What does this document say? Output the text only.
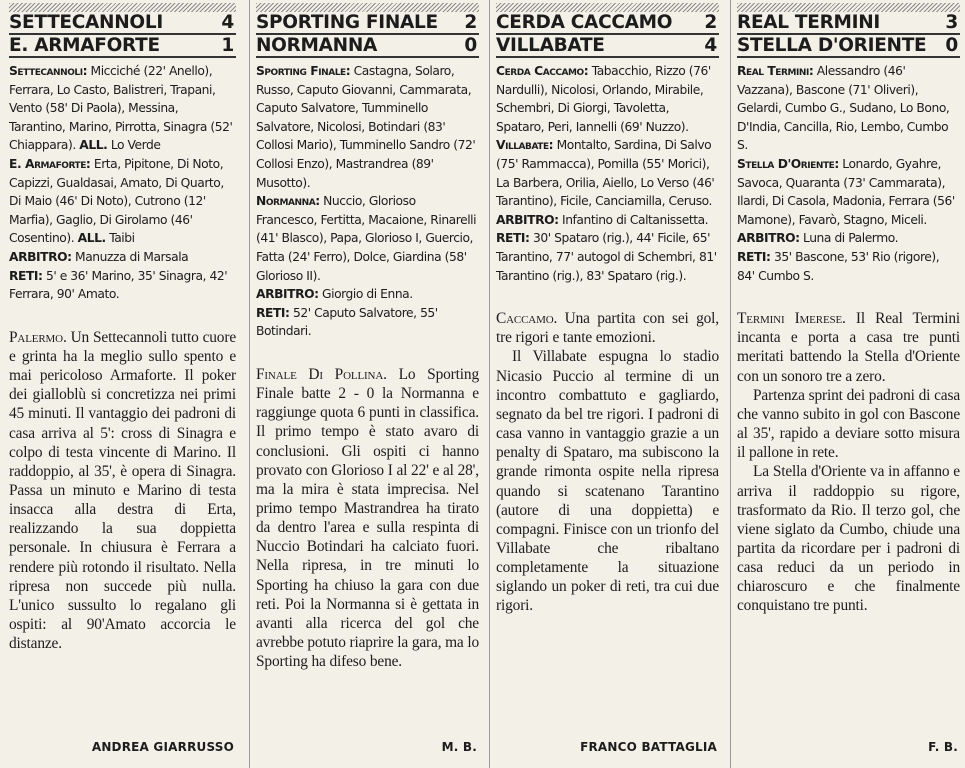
SETTECANNOLI	4
E. ARMAFORTE	1

Settecannoli: Micciché (22' Anello), Ferrara, Lo Casto, Balistreri, Trapani, Vento (58' Di Paola), Messina, Tarantino, Marino, Pirrotta, Sinagra (52' Chiappara). ALL. Lo Verde

E. Armaforte: Erta, Pipitone, Di Noto, Capizzi, Gualdasai, Amato, Di Quarto, Di Maio (46' Di Noto), Cutrono (12' Marfia), Gaglio, Di Girolamo (46' Cosentino). ALL. Taibi

ARBITRO: Manuzza di Marsala

RETI: 5' e 36' Marino, 35' Sinagra, 42' Ferrara, 90' Amato.

Palermo. Un Settecannoli tutto cuore e grinta ha la meglio sullo spento e mai pericoloso Armaforte. Il poker dei gialloblù si concretizza nei primi 45 minuti. Il vantaggio dei padroni di casa arriva al 5': cross di Sinagra e colpo di testa vincente di Marino. Il raddoppio, al 35', è opera di Sinagra. Passa un minuto e Marino di testa insacca alla destra di Erta, realizzando la sua doppietta personale. In chiusura è Ferrara a rendere più rotondo il risultato. Nella ripresa non succede più nulla. L'unico sussulto lo regalano gli ospiti: al 90'Amato accorcia le distanze.

ANDREA GIARRUSSO
SPORTING FINALE 2
NORMANNA	0

Sporting Finale: Castagna, Solaro, Russo, Caputo Giovanni, Cammarata, Caputo Salvatore, Tumminello Salvatore, Nicolosi, Botindari (83' Collosi Mario), Tumminello Sandro (72' Collosi Enzo), Mastrandrea (89' Musotto).

Normanna: Nuccio, Glorioso Francesco, Fertitta, Macaione, Rinarelli (41' Blasco), Papa, Glorioso I, Guercio, Fatta (24' Ferro), Dolce, Giardina (58' Glorioso II).

ARBITRO: Giorgio di Enna.

RETI: 52' Caputo Salvatore, 55' Botindari.

Finale Di Pollina. Lo Sporting Finale batte 2 - 0 la Normanna e raggiunge quota 6 punti in classifica. Il primo tempo è stato avaro di conclusioni. Gli ospiti ci hanno provato con Glorioso I al 22' e al 28', ma la mira è stata imprecisa. Nel primo tempo Mastrandrea ha tirato da dentro l'area e sulla respinta di Nuccio Botindari ha calciato fuori. Nella ripresa, in tre minuti lo Sporting ha chiuso la gara con due reti. Poi la Normanna si è gettata in avanti alla ricerca del gol che avrebbe potuto riaprire la gara, ma lo Sporting ha difeso bene.

M. B.
CERDA CACCAMO 2
VILLABATE	4

Cerda Caccamo: Tabacchio, Rizzo (76' Nardulli), Nicolosi, Orlando, Mirabile, Schembri, Di Giorgi, Tavoletta, Spataro, Peri, Iannelli (69' Nuzzo).

Villabate: Montalto, Sardina, Di Salvo (75' Rammacca), Pomilla (55' Morici), La Barbera, Orilia, Aiello, Lo Verso (46' Tarantino), Ficile, Canciamilla, Ceruso.

ARBITRO: Infantino di Caltanissetta.

RETI: 30' Spataro (rig.), 44' Ficile, 65' Tarantino, 77' autogol di Schembri, 81' Tarantino (rig.), 83' Spataro (rig.).

Caccamo. Una partita con sei gol, tre rigori e tante emozioni.

Il Villabate espugna lo stadio Nicasio Puccio al termine di un incontro combattuto e gagliardo, segnato da bel tre rigori. I padroni di casa vanno in vantaggio grazie a un penalty di Spataro, ma subiscono la grande rimonta ospite nella ripresa quando si scatenano Tarantino (autore di una doppietta) e compagni. Finisce con un trionfo del Villabate che ribaltano completamente la situazione siglando un poker di reti, tra cui due rigori.

FRANCO BATTAGLIA
REAL TERMINI	3
STELLA D'ORIENTE 0

Real Termini: Alessandro (46' Vazzana), Bascone (71' Oliveri), Gelardi, Cumbo G., Sudano, Lo Bono, D'India, Cancilla, Rio, Lembo, Cumbo S.

Stella D'Oriente: Lonardo, Gyahre, Savoca, Quaranta (73' Cammarata), Ilardi, Di Casola, Madonia, Ferrara (56' Mamone), Favarò, Stagno, Miceli.

ARBITRO: Luna di Palermo.

RETI: 35' Bascone, 53' Rio (rigore), 84' Cumbo S.

Termini Imerese. Il Real Termini incanta e porta a casa tre punti meritati battendo la Stella d'Oriente con un sonoro tre a zero.

Partenza sprint dei padroni di casa che vanno subito in gol con Bascone al 35', rapido a deviare sotto misura il pallone in rete.

La Stella d'Oriente va in affanno e arriva il raddoppio su rigore, trasformato da Rio. Il terzo gol, che viene siglato da Cumbo, chiude una partita da ricordare per i padroni di casa reduci da un periodo in chiaroscuro e che finalmente conquistano tre punti.

F. B.
